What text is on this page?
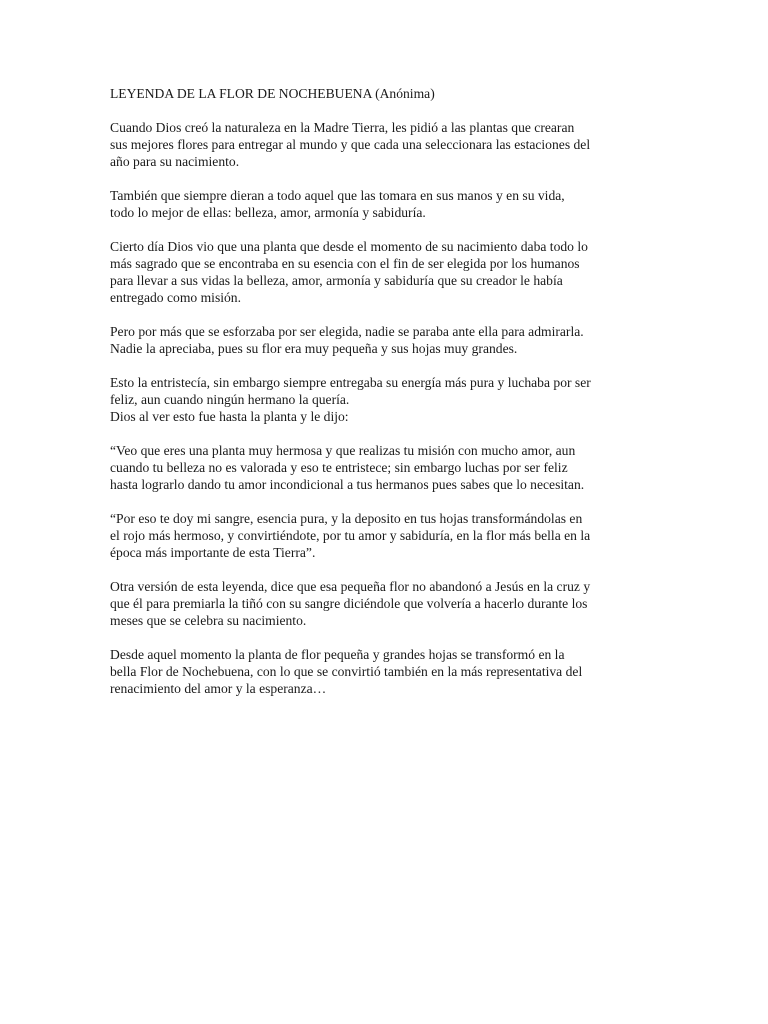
LEYENDA DE LA FLOR DE NOCHEBUENA (Anónima)
Cuando Dios creó la naturaleza en la Madre Tierra, les pidió a las plantas que crearan
sus mejores flores para entregar al mundo y que cada una seleccionara las estaciones del
año para su nacimiento.
También que siempre dieran a todo aquel que las tomara en sus manos y en su vida,
todo lo mejor de ellas: belleza, amor, armonía y sabiduría.
Cierto día Dios vio que una planta que desde el momento de su nacimiento daba todo lo
más sagrado que se encontraba en su esencia con el fin de ser elegida por los humanos
para llevar a sus vidas la belleza, amor, armonía y sabiduría que su creador le había
entregado como misión.
Pero por más que se esforzaba por ser elegida, nadie se paraba ante ella para admirarla.
Nadie la apreciaba, pues su flor era muy pequeña y sus hojas muy grandes.
Esto la entristecía, sin embargo siempre entregaba su energía más pura y luchaba por ser
feliz, aun cuando ningún hermano la quería.
Dios al ver esto fue hasta la planta y le dijo:
“Veo que eres una planta muy hermosa y que realizas tu misión con mucho amor, aun
cuando tu belleza no es valorada y eso te entristece; sin embargo luchas por ser feliz
hasta lograrlo dando tu amor incondicional a tus hermanos pues sabes que lo necesitan.
“Por eso te doy mi sangre, esencia pura, y la deposito en tus hojas transformándolas en
el rojo más hermoso, y convirtiéndote, por tu amor y sabiduría, en la flor más bella en la
época más importante de esta Tierra”.
Otra versión de esta leyenda, dice que esa pequeña flor no abandonó a Jesús en la cruz y
que él para premiarla la tiñó con su sangre diciéndole que volvería a hacerlo durante los
meses que se celebra su nacimiento.
Desde aquel momento la planta de flor pequeña y grandes hojas se transformó en la
bella Flor de Nochebuena, con lo que se convirtió también en la más representativa del
renacimiento del amor y la esperanza…
